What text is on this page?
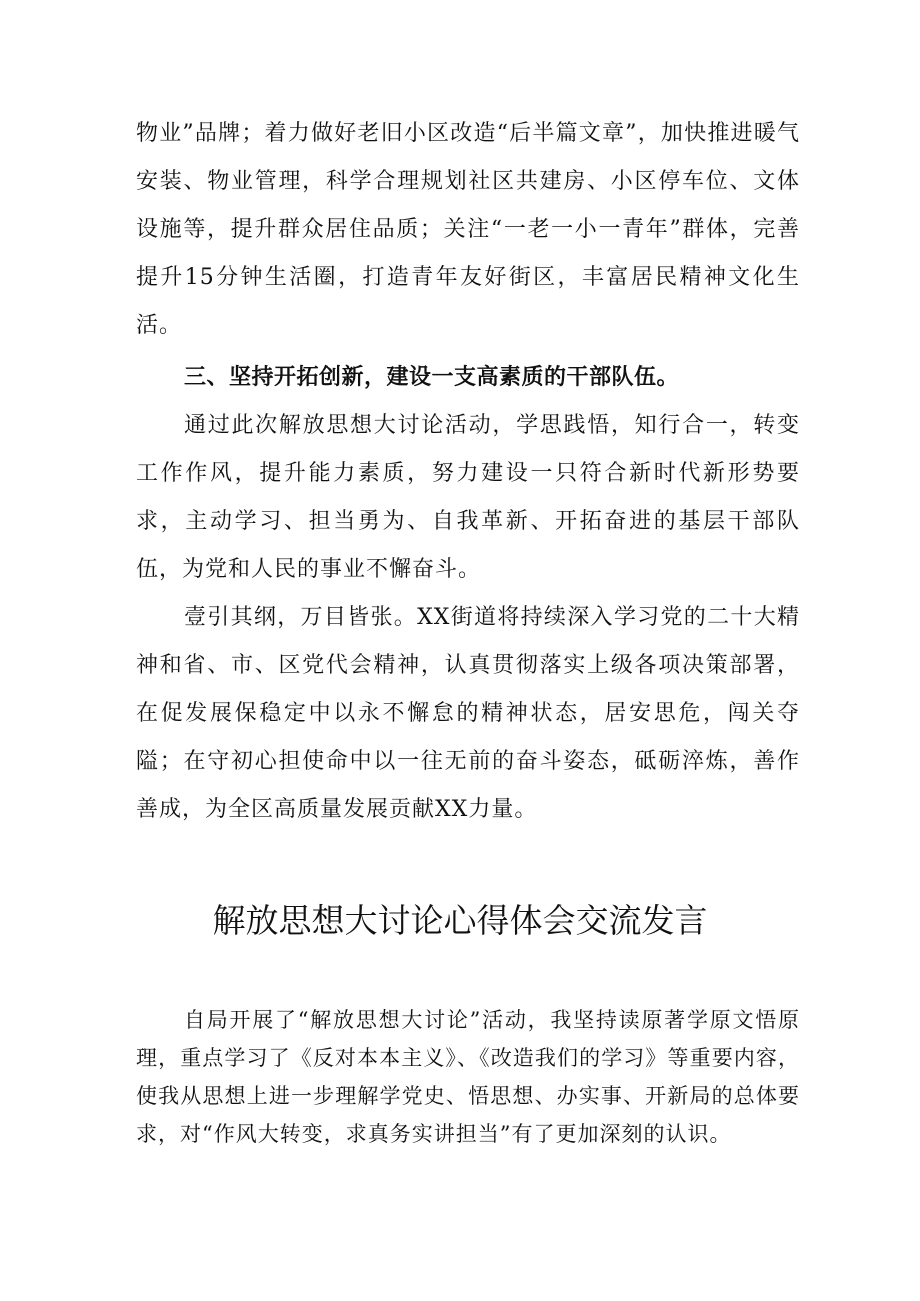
物业”品牌；着力做好老旧小区改造“后半篇文章”，加快推进暖气安装、物业管理，科学合理规划社区共建房、小区停车位、文体设施等，提升群众居住品质；关注“一老一小一青年”群体，完善提升15分钟生活圈，打造青年友好街区，丰富居民精神文化生活。

三、坚持开拓创新，建设一支高素质的干部队伍。

通过此次解放思想大讨论活动，学思践悟，知行合一，转变工作作风，提升能力素质，努力建设一只符合新时代新形势要求，主动学习、担当勇为、自我革新、开拓奋进的基层干部队伍，为党和人民的事业不懈奋斗。

壹引其纲，万目皆张。XX街道将持续深入学习党的二十大精神和省、市、区党代会精神，认真贯彻落实上级各项决策部署，在促发展保稳定中以永不懈怠的精神状态，居安思危，闯关夺隘；在守初心担使命中以一往无前的奋斗姿态，砥砺淬炼，善作善成，为全区高质量发展贡献XX力量。

解放思想大讨论心得体会交流发言

自局开展了“解放思想大讨论”活动，我坚持读原著学原文悟原理，重点学习了《反对本本主义》、《改造我们的学习》等重要内容，使我从思想上进一步理解学党史、悟思想、办实事、开新局的总体要求，对“作风大转变，求真务实讲担当”有了更加深刻的认识。
